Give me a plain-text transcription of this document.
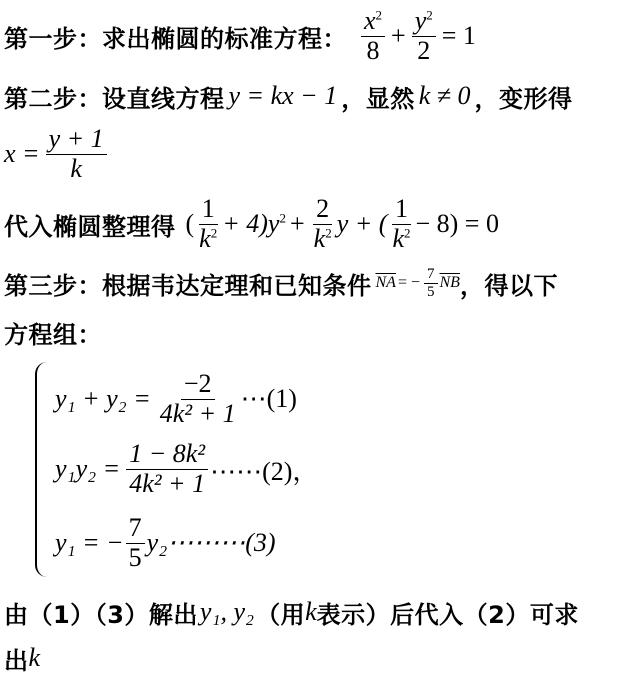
第一步：求出椭圆的标准方程： $\frac{x^2}{8} + \frac{y^2}{2} = 1$
第二步：设直线方程 y = kx − 1 ，显然 k ≠ 0 ，变形得
$x = \frac{y + 1}{k}$
代入椭圆整理得 ( $\frac{1}{k^2} + 4)y^2 + \frac{2}{k^2}$ y + ( $\frac{1}{k^2} - 8) = 0$
第三步：根据韦达定理和已知条件 $\overline{NA}$ = − $\frac{7}{5} \overline{NB}$ ，得以下
方程组：
$y_1 + y_2 = \frac{-2}{\text{4k² + 1}}$ ⋯(1)
$y_1y_2 = \frac{\text{1 − 8k²}}{\text{4k² + 1}}$ ⋯⋯(2)，
y₁ = − $\frac{7}{5}$ y₂⋯⋯⋯(3)
由（1）（3）解出 y₁, y₂ （用 k 表示）后代入（2）可求
出 k
